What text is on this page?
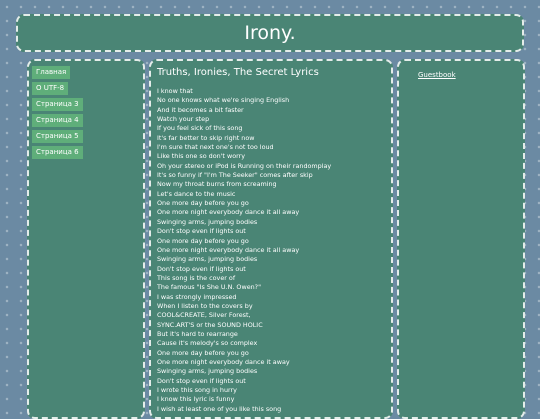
Irony.
Главная
О UTF-8
Страница 3
Страница 4
Страница 5
Страница 6
Truths, Ironies, The Secret Lyrics
I know that
No one knows what we're singing English
And it becomes a bit faster
Watch your step
If you feel sick of this song
It's far better to skip right now
I'm sure that next one's not too loud
Like this one so don't worry
Oh your stereo or iPod is Running on their randomplay
It's so funny if "I'm The Seeker" comes after skip
Now my throat burns from screaming
Let's dance to the music
One more day before you go
One more night everybody dance it all away
Swinging arms, jumping bodies
Don't stop even if lights out
One more day before you go
One more night everybody dance it all away
Swinging arms, jumping bodies
Don't stop even if lights out
This song is the cover of
The famous "Is She U.N. Owen?"
I was strongly impressed
When I listen to the covers by
COOL&CREATE, Silver Forest,
SYNC.ART'S or the SOUND HOLIC
But it's hard to rearrange
Cause it's melody's so complex
One more day before you go
One more night everybody dance it away
Swinging arms, jumping bodies
Don't stop even if lights out
I wrote this song in hurry
I know this lyric is funny
I wish at least one of you like this song
Guestbook
